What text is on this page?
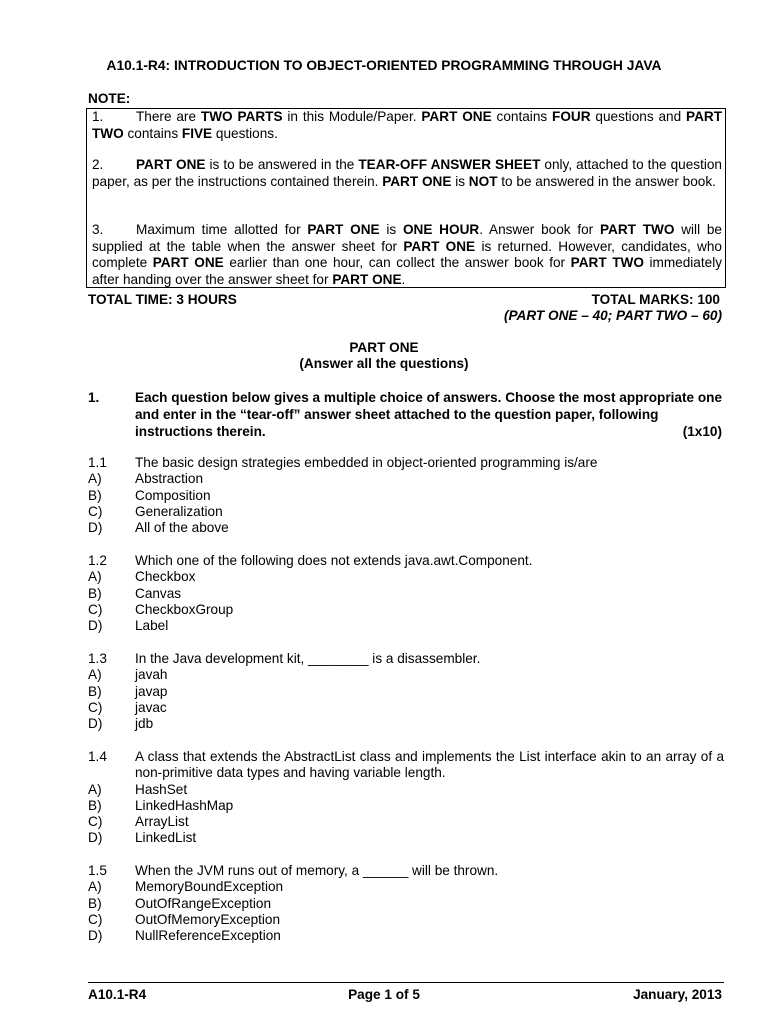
A10.1-R4: INTRODUCTION TO OBJECT-ORIENTED PROGRAMMING THROUGH JAVA
NOTE:
1. There are TWO PARTS in this Module/Paper. PART ONE contains FOUR questions and PART TWO contains FIVE questions.
2. PART ONE is to be answered in the TEAR-OFF ANSWER SHEET only, attached to the question paper, as per the instructions contained therein. PART ONE is NOT to be answered in the answer book.
3. Maximum time allotted for PART ONE is ONE HOUR. Answer book for PART TWO will be supplied at the table when the answer sheet for PART ONE is returned. However, candidates, who complete PART ONE earlier than one hour, can collect the answer book for PART TWO immediately after handing over the answer sheet for PART ONE.
TOTAL TIME: 3 HOURS	TOTAL MARKS: 100
(PART ONE – 40; PART TWO – 60)
PART ONE
(Answer all the questions)
1.	Each question below gives a multiple choice of answers. Choose the most appropriate one and enter in the “tear-off” answer sheet attached to the question paper, following
instructions therein.	(1x10)
1.1	The basic design strategies embedded in object-oriented programming is/are
A)	Abstraction
B)	Composition
C)	Generalization
D)	All of the above
1.2	Which one of the following does not extends java.awt.Component.
A)	Checkbox
B)	Canvas
C)	CheckboxGroup
D)	Label
1.3	In the Java development kit, ________ is a disassembler.
A)	javah
B)	javap
C)	javac
D)	jdb
1.4	A class that extends the AbstractList class and implements the List interface akin to an array of a non-primitive data types and having variable length.
A)	HashSet
B)	LinkedHashMap
C)	ArrayList
D)	LinkedList
1.5	When the JVM runs out of memory, a ______ will be thrown.
A)	MemoryBoundException
B)	OutOfRangeException
C)	OutOfMemoryException
D)	NullReferenceException
A10.1-R4	Page 1 of 5	January, 2013
